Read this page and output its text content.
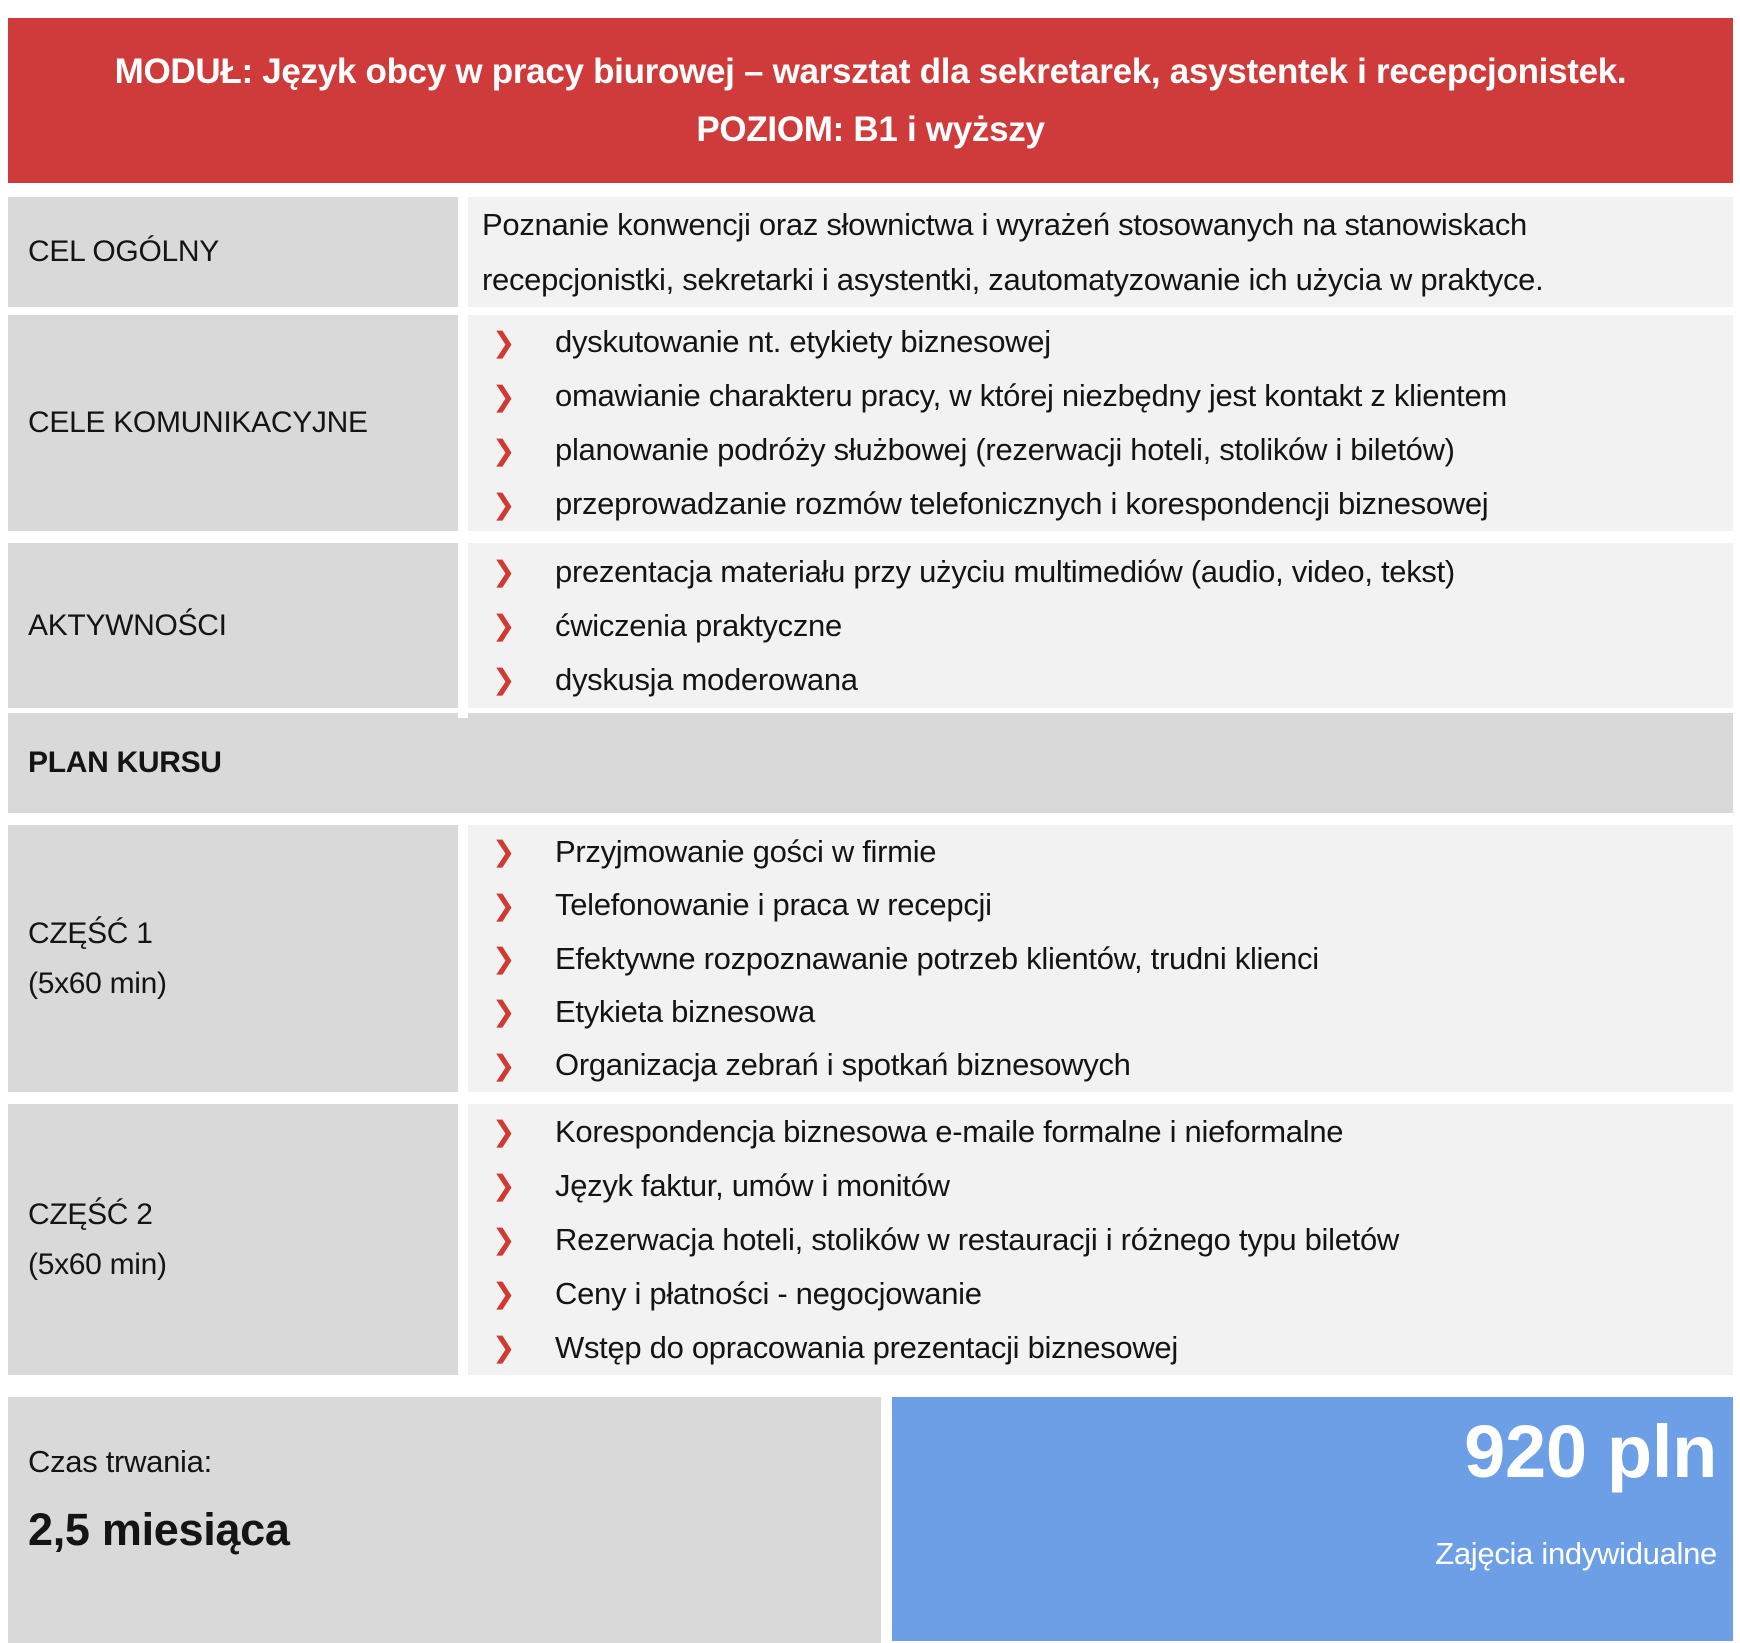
MODUŁ: Język obcy w pracy biurowej – warsztat dla sekretarek, asystentek i recepcjonistek.
POZIOM: B1 i wyższy
CEL OGÓLNY
Poznanie konwencji oraz słownictwa i wyrażeń stosowanych na stanowiskach recepcjonistki, sekretarki i asystentki, zautomatyzowanie ich użycia w praktyce.
CELE KOMUNIKACYJNE
❯	dyskutowanie nt. etykiety biznesowej
❯	omawianie charakteru pracy, w której niezbędny jest kontakt z klientem
❯	planowanie podróży służbowej (rezerwacji hoteli, stolików i biletów)
❯	przeprowadzanie rozmów telefonicznych i korespondencji biznesowej
AKTYWNOŚCI
❯	prezentacja materiału przy użyciu multimediów (audio, video, tekst)
❯	ćwiczenia praktyczne
❯	dyskusja moderowana
PLAN KURSU
CZĘŚĆ 1
(5x60 min)
❯	Przyjmowanie gości w firmie
❯	Telefonowanie i praca w recepcji
❯	Efektywne rozpoznawanie potrzeb klientów, trudni klienci
❯	Etykieta biznesowa
❯	Organizacja zebrań i spotkań biznesowych
CZĘŚĆ 2
(5x60 min)
❯	Korespondencja biznesowa e-maile formalne i nieformalne
❯	Język faktur, umów i monitów
❯	Rezerwacja hoteli, stolików w restauracji i różnego typu biletów
❯	Ceny i płatności - negocjowanie
❯	Wstęp do opracowania prezentacji biznesowej
Czas trwania:
2,5 miesiąca
920 pln
Zajęcia indywidualne
